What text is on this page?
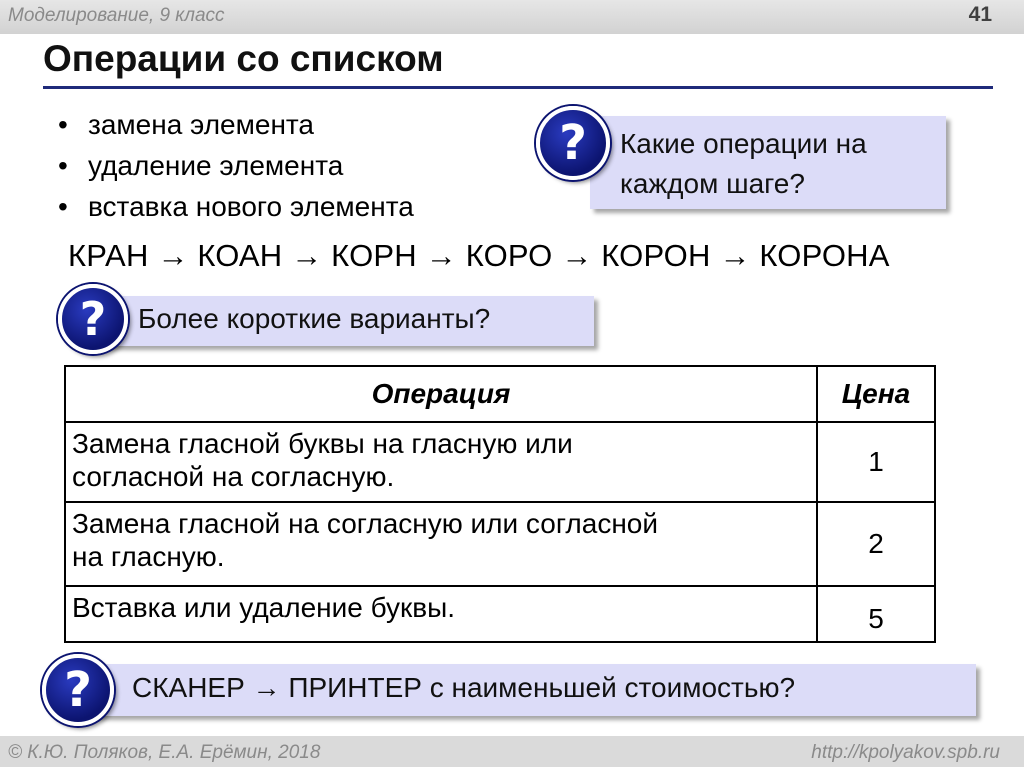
Моделирование, 9 класс	41
Операции со списком
• замена элемента
• удаление элемента
• вставка нового элемента
Какие операции на
каждом шаге?
?
КРАН → КОАН → КОРН → КОРО → КОРОН → КОРОНА
Более короткие варианты?
?
Операция	Цена

Замена гласной буквы на гласную или
согласной на согласную.	1

Замена гласной на согласную или согласной
на гласную.	2

Вставка или удаление буквы.	5
СКАНЕР → ПРИНТЕР с наименьшей стоимостью?
?
© К.Ю. Поляков, Е.А. Ерёмин, 2018	http://kpolyakov.spb.ru
